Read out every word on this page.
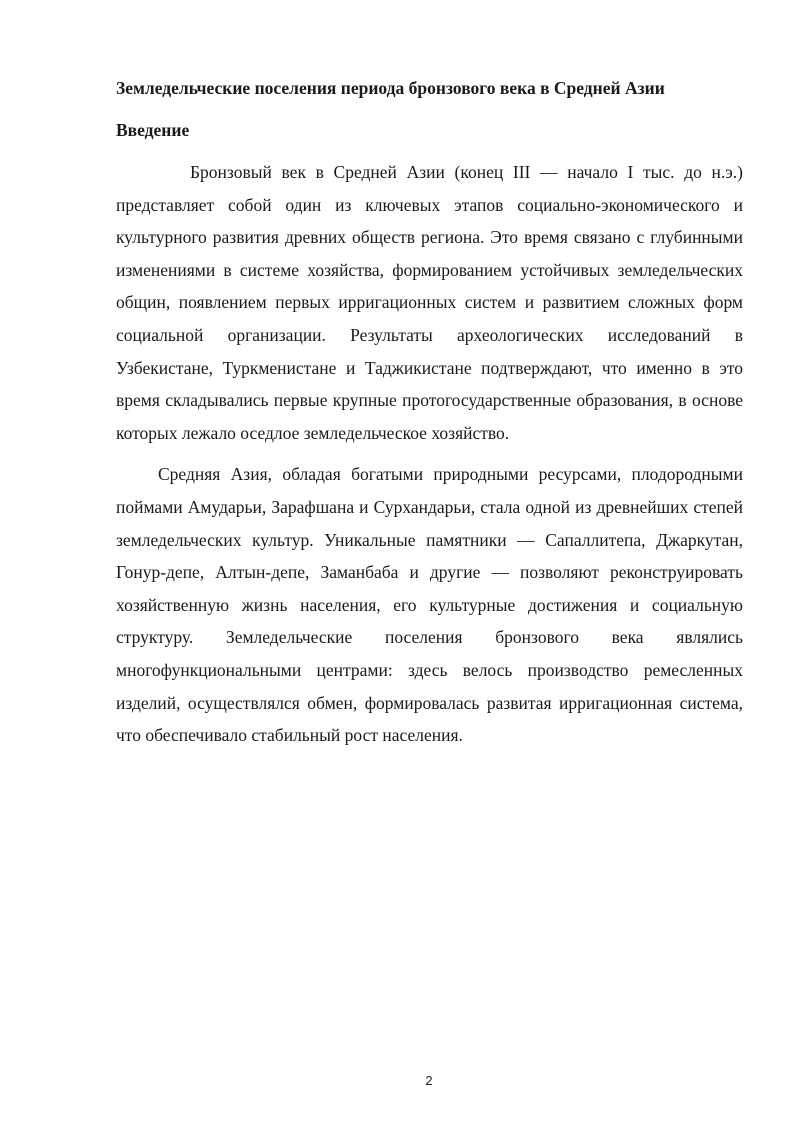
Земледельческие поселения периода бронзового века в Средней Азии

Введение

Бронзовый век в Средней Азии (конец III — начало I тыс. до н.э.) представляет собой один из ключевых этапов социально-экономического и культурного развития древних обществ региона. Это время связано с глубинными изменениями в системе хозяйства, формированием устойчивых земледельческих общин, появлением первых ирригационных систем и развитием сложных форм социальной организации. Результаты археологических исследований в Узбекистане, Туркменистане и Таджикистане подтверждают, что именно в это время складывались первые крупные протогосударственные образования, в основе которых лежало оседлое земледельческое хозяйство.

Средняя Азия, обладая богатыми природными ресурсами, плодородными поймами Амударьи, Зарафшана и Сурхандарьи, стала одной из древнейших степей земледельческих культур. Уникальные памятники — Сапаллитепа, Джаркутан, Гонур-депе, Алтын-депе, Заманбаба и другие — позволяют реконструировать хозяйственную жизнь населения, его культурные достижения и социальную структуру. Земледельческие поселения бронзового века являлись многофункциональными центрами: здесь велось производство ремесленных изделий, осуществлялся обмен, формировалась развитая ирригационная система, что обеспечивало стабильный рост населения.

2
